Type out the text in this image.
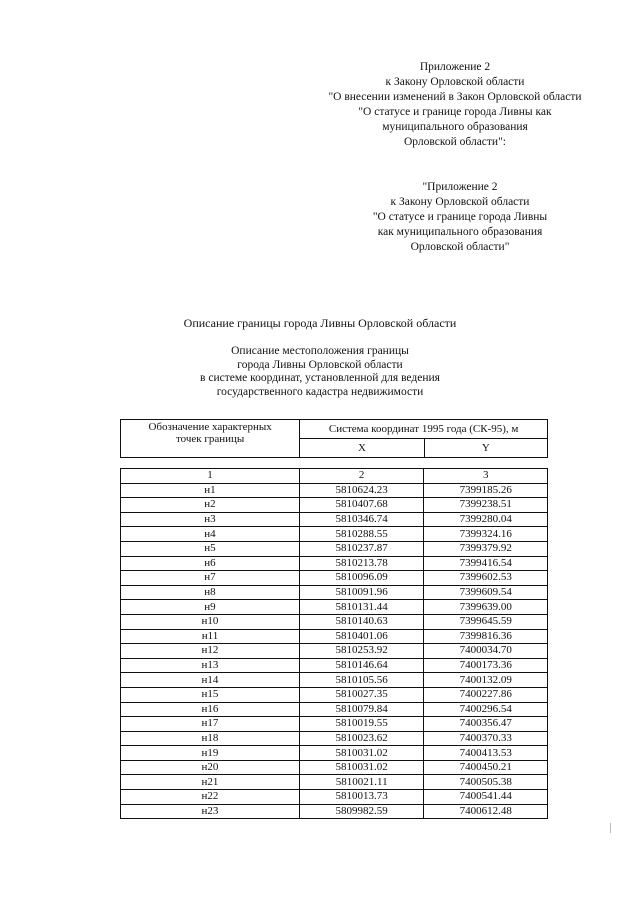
Приложение 2
к Закону Орловской области
"О внесении изменений в Закон Орловской области
"О статусе и границе города Ливны как
муниципального образования
Орловской области":
"Приложение 2
к Закону Орловской области
"О статусе и границе города Ливны
как муниципального образования
Орловской области"
Описание границы города Ливны Орловской области
Описание местоположения границы
города Ливны Орловской области
в системе координат, установленной для ведения
государственного кадастра недвижимости
Обозначение характерных
точек границы	Система координат 1995 года (СК-95), м	
	X	Y
1	2	3
н1	5810624.23	7399185.26
н2	5810407.68	7399238.51
н3	5810346.74	7399280.04
н4	5810288.55	7399324.16
н5	5810237.87	7399379.92
н6	5810213.78	7399416.54
н7	5810096.09	7399602.53
н8	5810091.96	7399609.54
н9	5810131.44	7399639.00
н10	5810140.63	7399645.59
н11	5810401.06	7399816.36
н12	5810253.92	7400034.70
н13	5810146.64	7400173.36
н14	5810105.56	7400132.09
н15	5810027.35	7400227.86
н16	5810079.84	7400296.54
н17	5810019.55	7400356.47
н18	5810023.62	7400370.33
н19	5810031.02	7400413.53
н20	5810031.02	7400450.21
н21	5810021.11	7400505.38
н22	5810013.73	7400541.44
н23	5809982.59	7400612.48
